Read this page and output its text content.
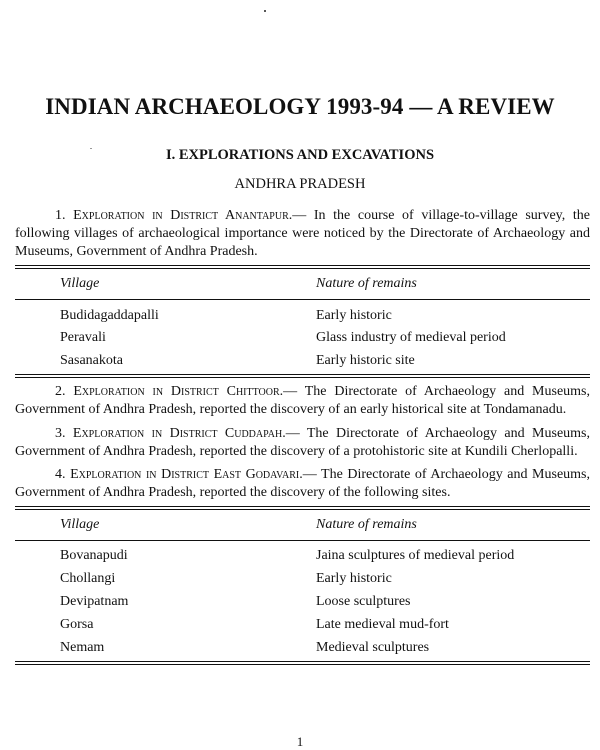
INDIAN ARCHAEOLOGY 1993-94 — A REVIEW
I. EXPLORATIONS AND EXCAVATIONS
ANDHRA PRADESH

1. Exploration in District Anantapur.— In the course of village-to-village survey, the following villages of archaeological importance were noticed by the Directorate of Archaeology and Museums, Government of Andhra Pradesh.

Village	Nature of remains
Budidagaddapalli	Early historic
Peravali	Glass industry of medieval period
Sasanakota	Early historic site

2. Exploration in District Chittoor.— The Directorate of Archaeology and Museums, Government of Andhra Pradesh, reported the discovery of an early historical site at Tondamanadu.

3. Exploration in District Cuddapah.— The Directorate of Archaeology and Museums, Government of Andhra Pradesh, reported the discovery of a protohistoric site at Kundili Cherlopalli.

4. Exploration in District East Godavari.— The Directorate of Archaeology and Museums, Government of Andhra Pradesh, reported the discovery of the following sites.

Village	Nature of remains
Bovanapudi	Jaina sculptures of medieval period
Chollangi	Early historic
Devipatnam	Loose sculptures
Gorsa	Late medieval mud-fort
Nemam	Medieval sculptures
1
